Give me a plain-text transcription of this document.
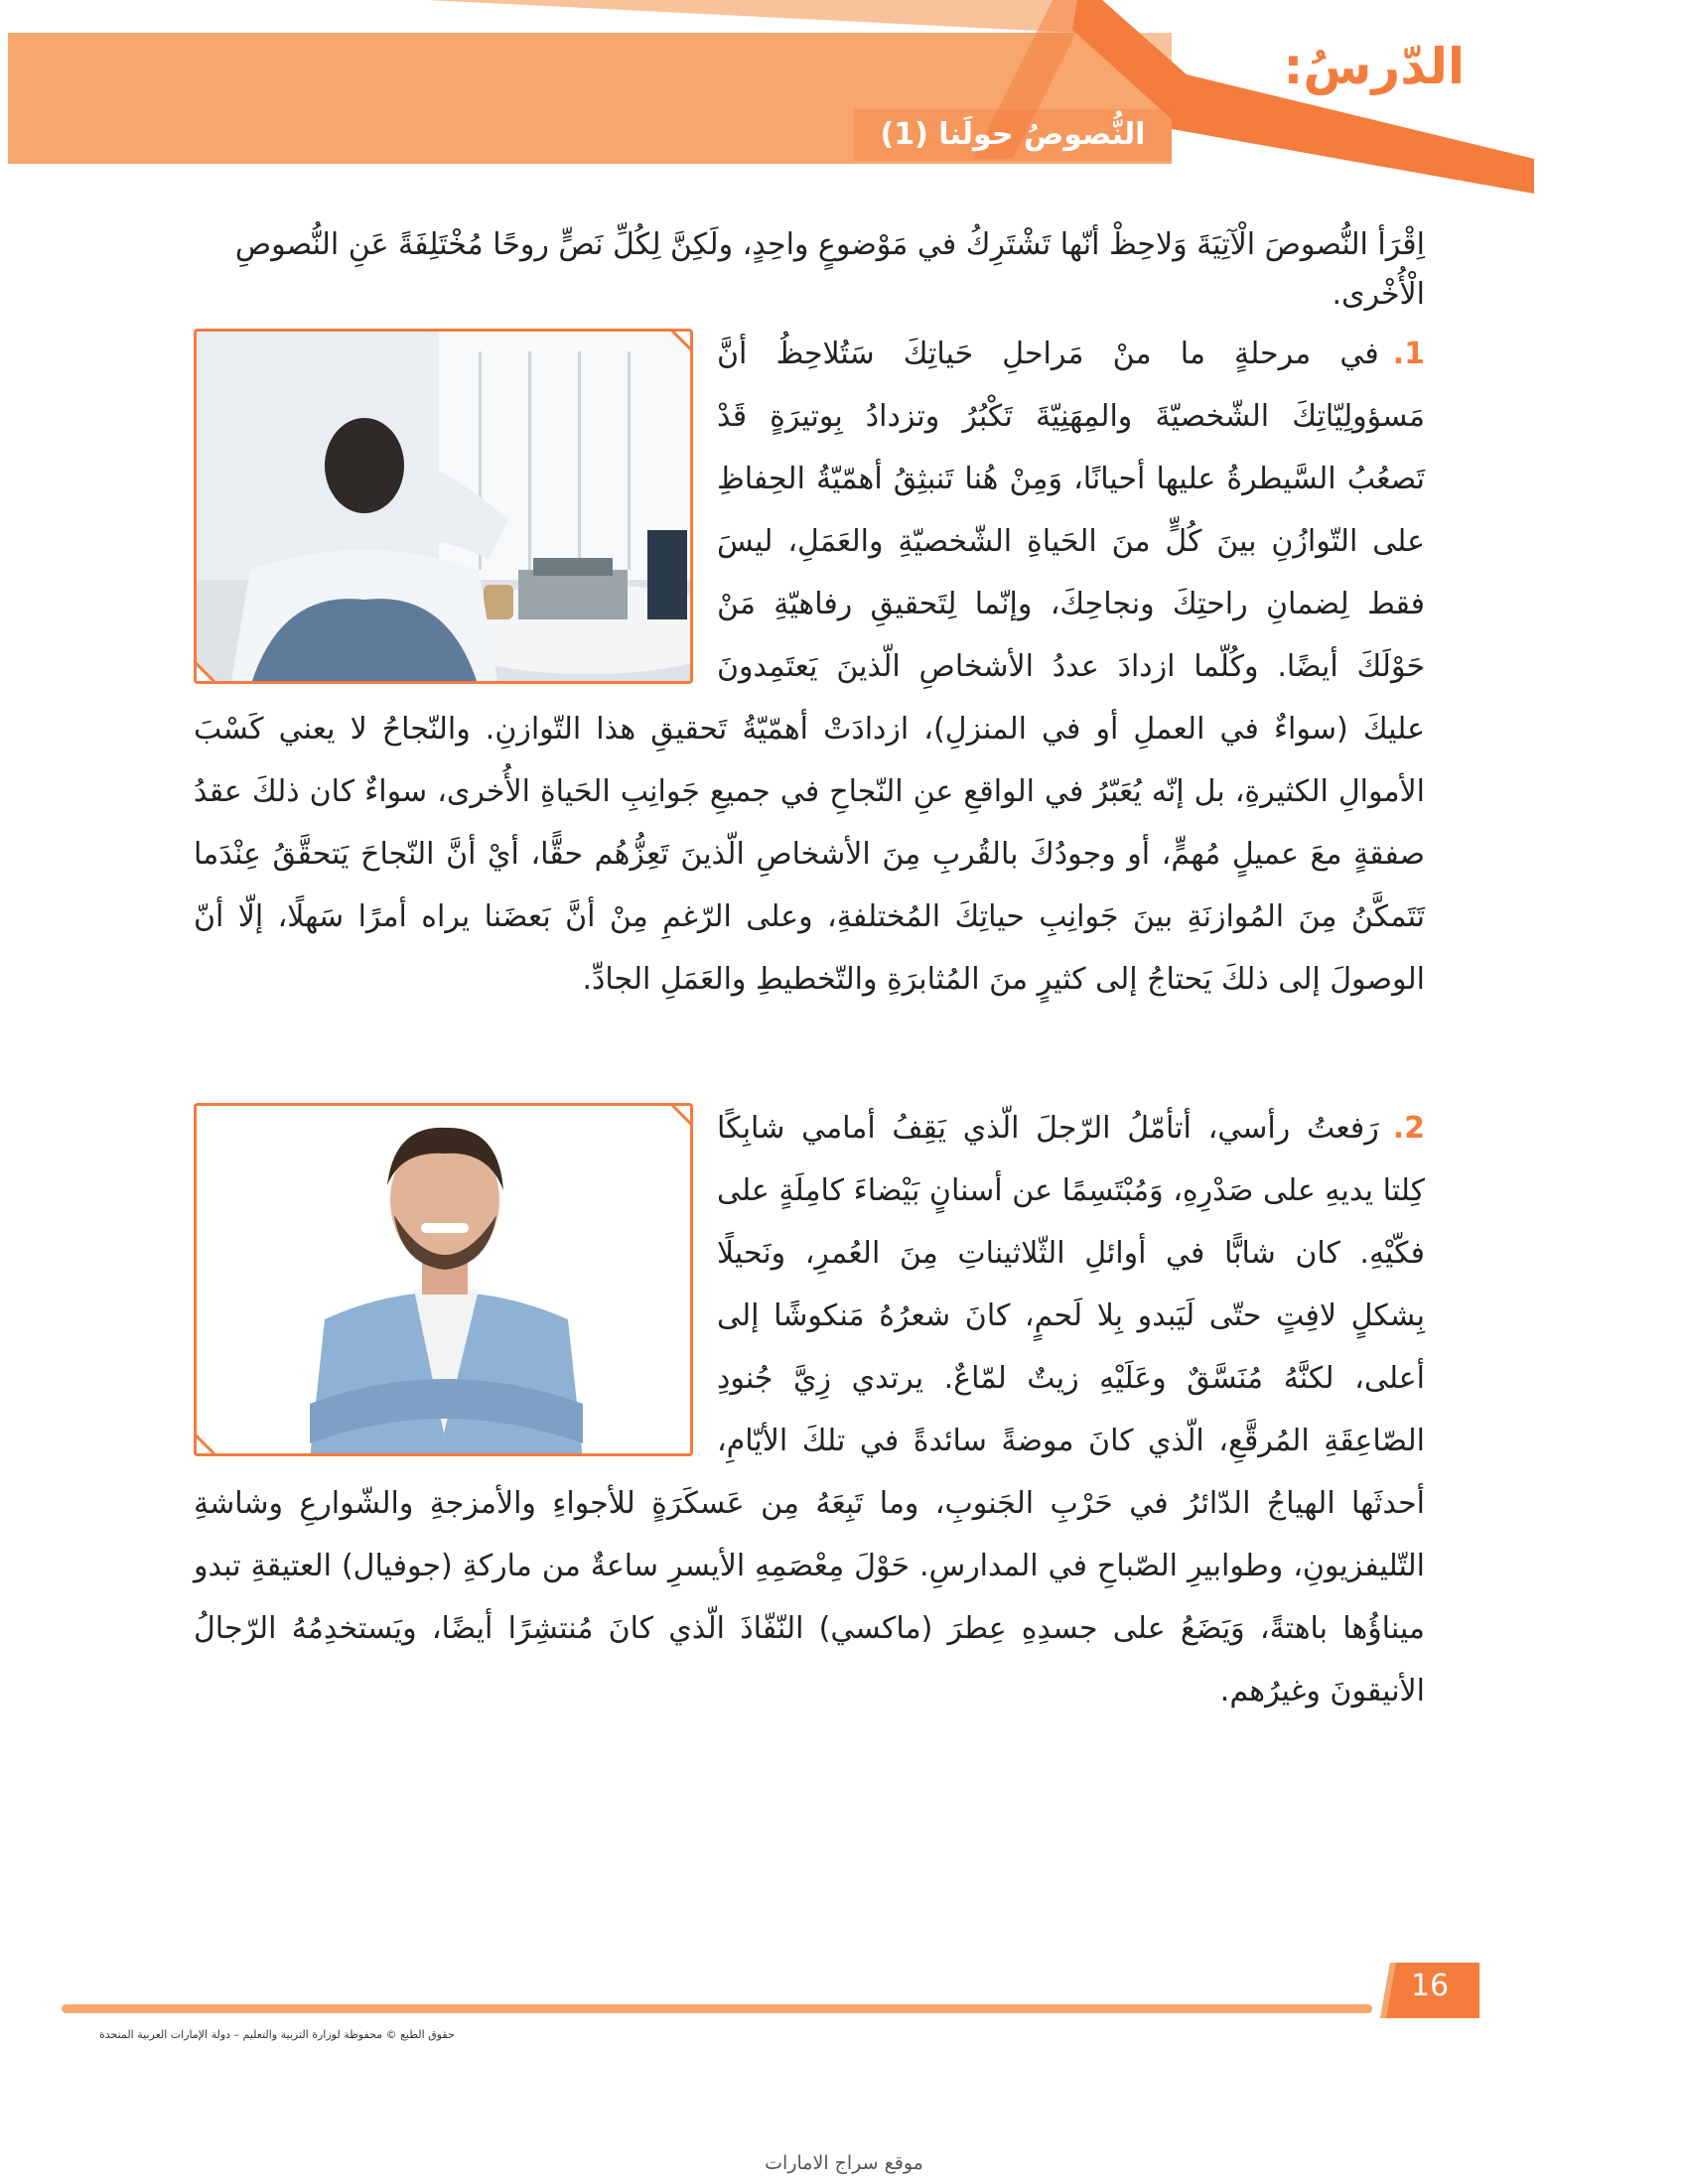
الدّرسُ:
النُّصوصُ حولَنا (1)
اِقْرَأ النُّصوصَ الْآتِيَةَ وَلاحِظْ أنّها تَشْتَرِكُ في مَوْضوعٍ واحِدٍ، ولَكِنَّ لِكُلِّ نَصٍّ روحًا مُخْتَلِفَةً عَنِ النُّصوصِ الْأُخْرى.
1.في مرحلةٍ ما منْ مَراحلِ حَياتِكَ سَتُلاحِظُ أنَّ مَسؤولِيّاتِكَ الشّخصيّةَ والمِهَنِيّةَ تَكْبُرُ وتزدادُ بِوتيرَةٍ قَدْ تَصعُبُ السَّيطرةُ عليها أحيانًا، وَمِنْ هُنا تَنبثِقُ أهمّيّةُ الحِفاظِ على التّوازُنِ بينَ كُلٍّ منَ الحَياةِ الشّخصيّةِ والعَمَلِ، ليسَ فقط لِضمانِ راحتِكَ ونجاحِكَ، وإنّما لِتَحقيقِ رفاهيّةِ مَنْ حَوْلَكَ أيضًا. وكُلّما ازدادَ عددُ الأشخاصِ الّذينَ يَعتَمِدونَ عليكَ (سواءٌ في العملِ أو في المنزلِ)، ازدادَتْ أهمّيّةُ تَحقيقِ هذا التّوازنِ. والنّجاحُ لا يعني كَسْبَ الأموالِ الكثيرةِ، بل إنّه يُعَبّرُ في الواقعِ عنِ النّجاحِ في جميعِ جَوانِبِ الحَياةِ الأُخرى، سواءٌ كان ذلكَ عقدُ صفقةٍ معَ عميلٍ مُهمٍّ، أو وجودُكَ بالقُربِ مِنَ الأشخاصِ الّذينَ تَعِزُّهُم حقًّا، أيْ أنَّ النّجاحَ يَتحقَّقُ عِنْدَما تَتَمكَّنُ مِنَ المُوازنَةِ بينَ جَوانِبِ حياتِكَ المُختلفةِ، وعلى الرّغمِ مِنْ أنَّ بَعضَنا يراه أمرًا سَهلًا، إلّا أنّ الوصولَ إلى ذلكَ يَحتاجُ إلى كثيرٍ منَ المُثابرَةِ والتّخطيطِ والعَمَلِ الجادِّ.
2.رَفعتُ رأسي، أتأمّلُ الرّجلَ الّذي يَقِفُ أمامي شابِكًا كِلتا يديهِ على صَدْرِهِ، وَمُبْتَسِمًا عن أسنانٍ بَيْضاءَ كامِلَةٍ على فكّيْهِ. كان شابًّا في أوائلِ الثّلاثيناتِ مِنَ العُمرِ، ونَحيلًا بِشكلٍ لافِتٍ حتّى لَيَبدو بِلا لَحمٍ، كانَ شعرُهُ مَنكوشًا إلى أعلى، لكنَّهُ مُنَسَّقٌ وعَلَيْهِ زيتٌ لمّاعٌ. يرتدي زِيَّ جُنودِ الصّاعِقَةِ المُرقَّعِ، الّذي كانَ موضةً سائدةً في تلكَ الأيّامِ، أحدثَها الهياجُ الدّائرُ في حَرْبِ الجَنوبِ، وما تَبِعَهُ مِن عَسكَرَةٍ للأجواءِ والأمزجةِ والشّوارعِ وشاشةِ التّليفزيونِ، وطوابيرِ الصّباحِ في المدارسِ. حَوْلَ مِعْصَمِهِ الأيسرِ ساعةٌ من ماركةِ (جوفيال) العتيقةِ تبدو ميناؤُها باهتةً، وَيَضَعُ على جسدِهِ عِطرَ (ماكسي) النّفّاذَ الّذي كانَ مُنتشِرًا أيضًا، ويَستخدِمُهُ الرّجالُ الأنيقونَ وغيرُهم.
16
حقوق الطبع © محفوظة لوزارة التربية والتعليم – دولة الإمارات العربية المتحدة
موقع سراج الامارات
